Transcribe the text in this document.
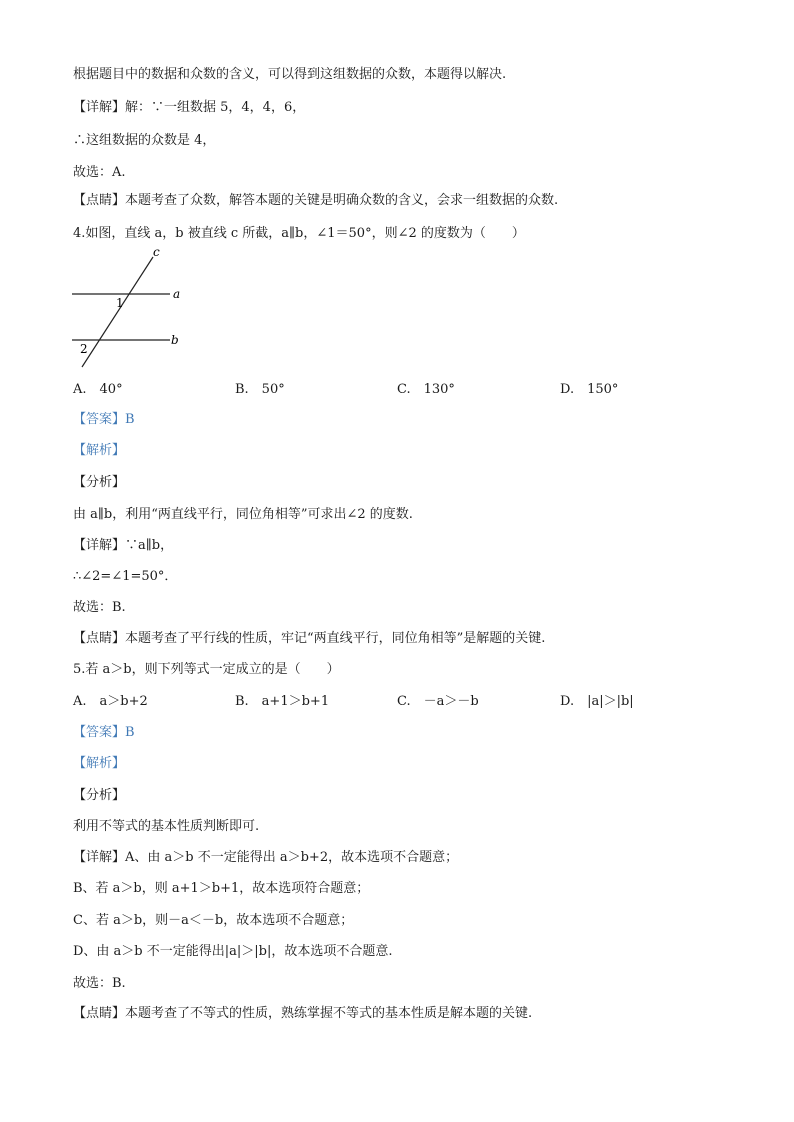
根据题目中的数据和众数的含义，可以得到这组数据的众数，本题得以解决.
【详解】解：∵一组数据 5，4，4，6，
∴这组数据的众数是 4，
故选：A.
【点睛】本题考查了众数，解答本题的关键是明确众数的含义，会求一组数据的众数.
4.如图，直线 a，b 被直线 c 所截，a∥b，∠1＝50°，则∠2 的度数为（　　）
c
a
b
1
2
A.　40°	B.　50°	C.　130°	D.　150°
【答案】B
【解析】
【分析】
由 a∥b，利用“两直线平行，同位角相等”可求出∠2 的度数.
【详解】∵a∥b，
∴∠2=∠1=50°．
故选：B.
【点睛】本题考查了平行线的性质，牢记“两直线平行，同位角相等”是解题的关键.
5.若 a＞b，则下列等式一定成立的是（　　）
A.　a＞b+2	B.　a+1＞b+1	C.　－a＞－b	D.　|a|＞|b|
【答案】B
【解析】
【分析】
利用不等式的基本性质判断即可.
【详解】A、由 a＞b 不一定能得出 a＞b+2，故本选项不合题意；
B、若 a＞b，则 a+1＞b+1，故本选项符合题意；
C、若 a＞b，则－a＜－b，故本选项不合题意；
D、由 a＞b 不一定能得出|a|＞|b|，故本选项不合题意.
故选：B.
【点睛】本题考查了不等式的性质，熟练掌握不等式的基本性质是解本题的关键.
